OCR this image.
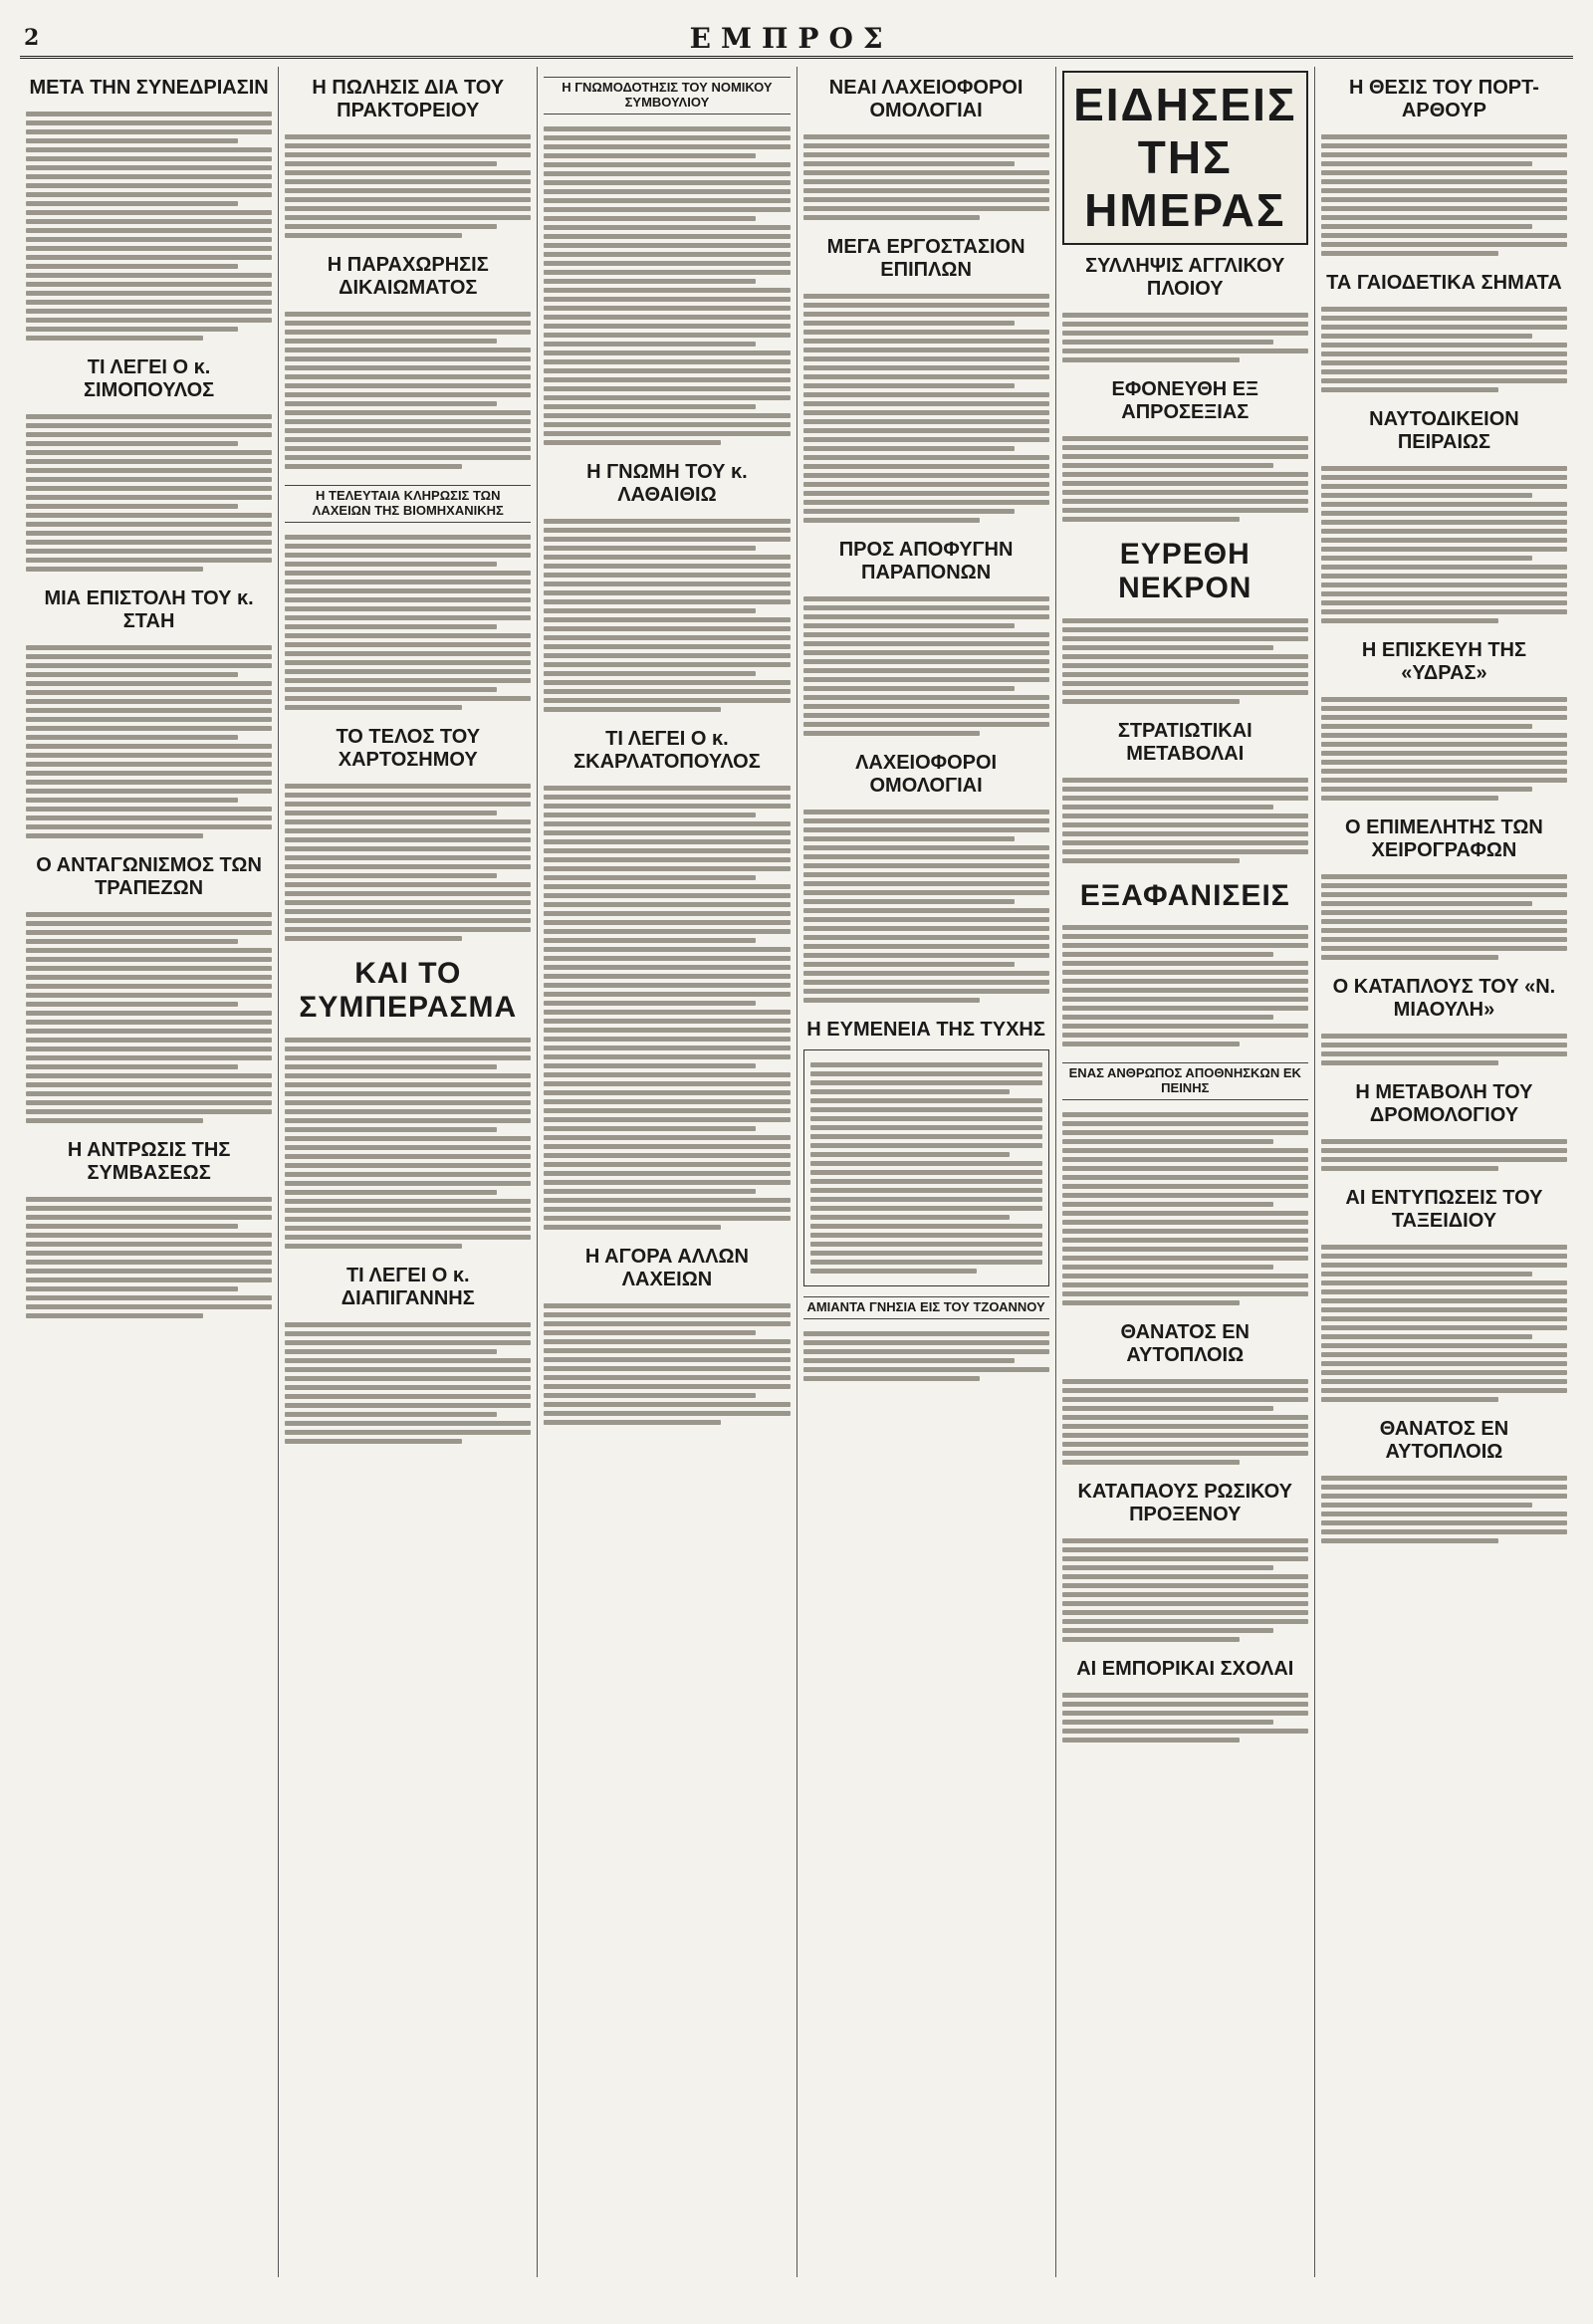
2	ΕΜΠΡΟΣ
ΜΕΤΑ ΤΗΝ ΣΥΝΕΔΡΙΑΣΙΝ
ΤΙ ΛΕΓΕΙ Ο κ. ΣΙΜΟΠΟΥΛΟΣ
ΜΙΑ ΕΠΙΣΤΟΛΗ ΤΟΥ κ. ΣΤΑΗ
Ο ΑΝΤΑΓΩΝΙΣΜΟΣ ΤΩΝ ΤΡΑΠΕΖΩΝ
Η ΑΝΤΡΩΣΙΣ ΤΗΣ ΣΥΜΒΑΣΕΩΣ
Η ΠΩΛΗΣΙΣ ΔΙΑ ΤΟΥ ΠΡΑΚΤΟΡΕΙΟΥ
Η ΠΑΡΑΧΩΡΗΣΙΣ ΔΙΚΑΙΩΜΑΤΟΣ
Η ΤΕΛΕΥΤΑΙΑ ΚΛΗΡΩΣΙΣ ΤΩΝ ΛΑΧΕΙΩΝ ΤΗΣ ΒΙΟΜΗΧΑΝΙΚΗΣ
ΤΟ ΤΕΛΟΣ ΤΟΥ ΧΑΡΤΟΣΗΜΟΥ
ΚΑΙ ΤΟ ΣΥΜΠΕΡΑΣΜΑ
ΤΙ ΛΕΓΕΙ Ο κ. ΔΙΑΠΙΓΑΝΝΗΣ
Η ΓΝΩΜΟΔΟΤΗΣΙΣ ΤΟΥ ΝΟΜΙΚΟΥ ΣΥΜΒΟΥΛΙΟΥ
Η ΓΝΩΜΗ ΤΟΥ κ. ΛΑΘΑΙΘΙΩ
ΤΙ ΛΕΓΕΙ Ο κ. ΣΚΑΡΛΑΤΟΠΟΥΛΟΣ
Η ΑΓΟΡΑ ΑΛΛΩΝ ΛΑΧΕΙΩΝ
ΝΕΑΙ ΛΑΧΕΙΟΦΟΡΟΙ ΟΜΟΛΟΓΙΑΙ
ΜΕΓΑ ΕΡΓΟΣΤΑΣΙΟΝ ΕΠΙΠΛΩΝ
ΠΡΟΣ ΑΠΟΦΥΓΗΝ ΠΑΡΑΠΟΝΩΝ
ΛΑΧΕΙΟΦΟΡΟΙ ΟΜΟΛΟΓΙΑΙ
Η ΕΥΜΕΝΕΙΑ ΤΗΣ ΤΥΧΗΣ
ΑΜΙΑΝΤΑ ΓΝΗΣΙΑ ΕΙΣ ΤΟΥ ΤΖΟΑΝΝΟΥ
ΕΙΔΗΣΕΙΣ ΤΗΣ ΗΜΕΡΑΣ
ΣΥΛΛΗΨΙΣ ΑΓΓΛΙΚΟΥ ΠΛΟΙΟΥ
ΕΦΟΝΕΥΘΗ ΕΞ ΑΠΡΟΣΕΞΙΑΣ
ΕΥΡΕΘΗ ΝΕΚΡΟΝ
ΣΤΡΑΤΙΩΤΙΚΑΙ ΜΕΤΑΒΟΛΑΙ
ΕΞΑΦΑΝΙΣΕΙΣ
ΕΝΑΣ ΑΝΘΡΩΠΟΣ ΑΠΟΘΝΗΣΚΩΝ ΕΚ ΠΕΙΝΗΣ
ΘΑΝΑΤΟΣ ΕΝ ΑΥΤΟΠΛΟΙΩ
ΚΑΤΑΠΑΟΥΣ ΡΩΣΙΚΟΥ ΠΡΟΞΕΝΟΥ
ΑΙ ΕΜΠΟΡΙΚΑΙ ΣΧΟΛΑΙ
Η ΘΕΣΙΣ ΤΟΥ ΠΟΡΤ-ΑΡΘΟΥΡ
ΤΑ ΓΑΙΟΔΕΤΙΚΑ ΣΗΜΑΤΑ
ΝΑΥΤΟΔΙΚΕΙΟΝ ΠΕΙΡΑΙΩΣ
Η ΕΠΙΣΚΕΥΗ ΤΗΣ «ΥΔΡΑΣ»
Ο ΕΠΙΜΕΛΗΤΗΣ ΤΩΝ ΧΕΙΡΟΓΡΑΦΩΝ
Ο ΚΑΤΑΠΛΟΥΣ ΤΟΥ «Ν. ΜΙΑΟΥΛΗ»
Η ΜΕΤΑΒΟΛΗ ΤΟΥ ΔΡΟΜΟΛΟΓΙΟΥ
ΑΙ ΕΝΤΥΠΩΣΕΙΣ ΤΟΥ ΤΑΞΕΙΔΙΟΥ
ΘΑΝΑΤΟΣ ΕΝ ΑΥΤΟΠΛΟΙΩ
